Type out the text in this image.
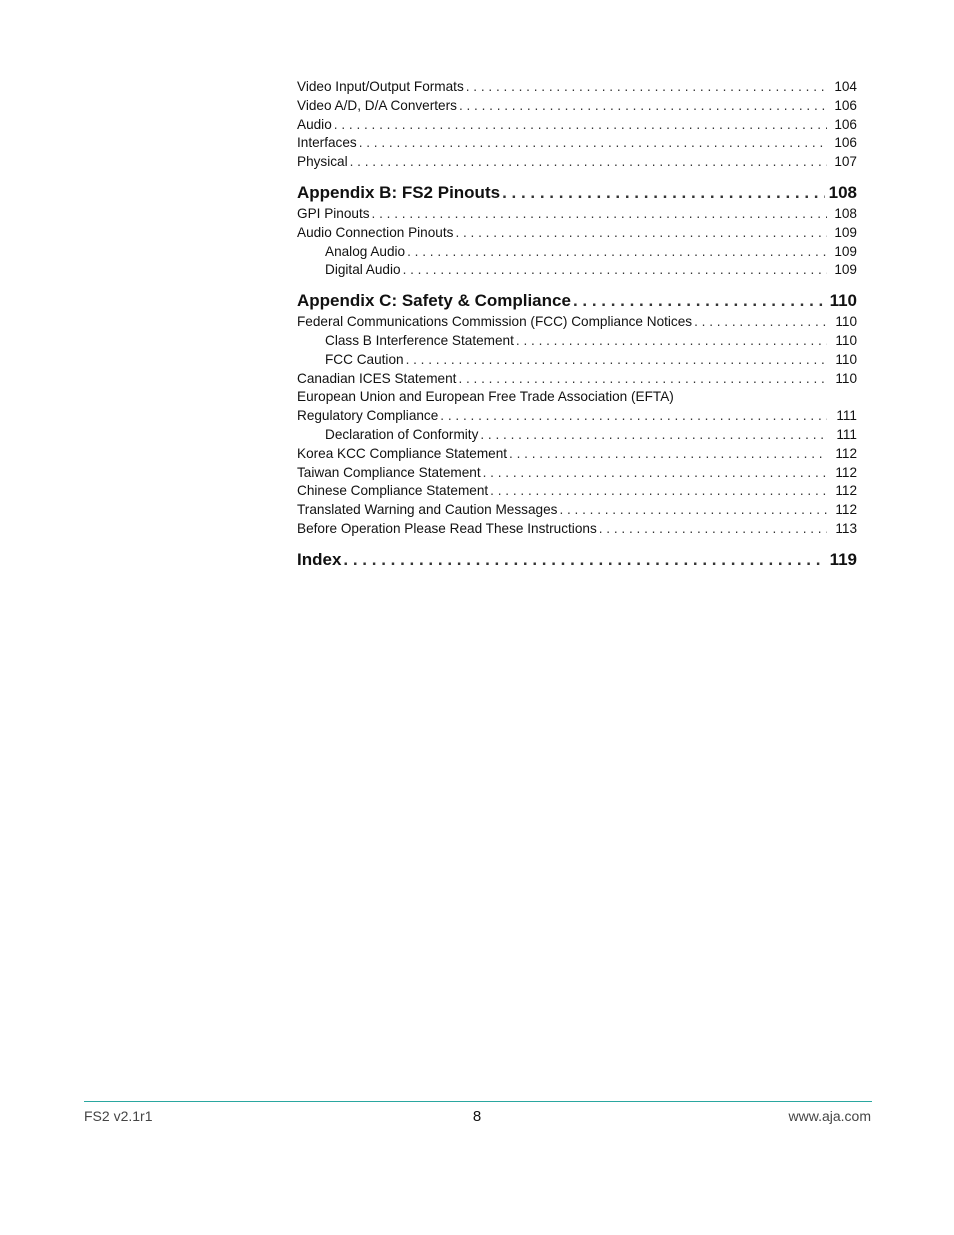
Video Input/Output Formats . . .	104
Video A/D, D/A Converters . . .	106
Audio . . .	106
Interfaces . . .	106
Physical . . .	107
Appendix B: FS2 Pinouts . . .	108
GPI Pinouts . . .	108
Audio Connection Pinouts . . .	109
Analog Audio . . .	109
Digital Audio . . .	109
Appendix C: Safety & Compliance . . .	110
Federal Communications Commission (FCC) Compliance Notices . . .	110
Class B Interference Statement . . .	110
FCC Caution . . .	110
Canadian ICES Statement . . .	110
European Union and European Free Trade Association (EFTA)
Regulatory Compliance . . .	111
Declaration of Conformity . . .	111
Korea KCC Compliance Statement . . .	112
Taiwan Compliance Statement . . .	112
Chinese Compliance Statement . . .	112
Translated Warning and Caution Messages . . .	112
Before Operation Please Read These Instructions . . .	113
Index . . .	119
FS2 v2.1r1	8	www.aja.com
